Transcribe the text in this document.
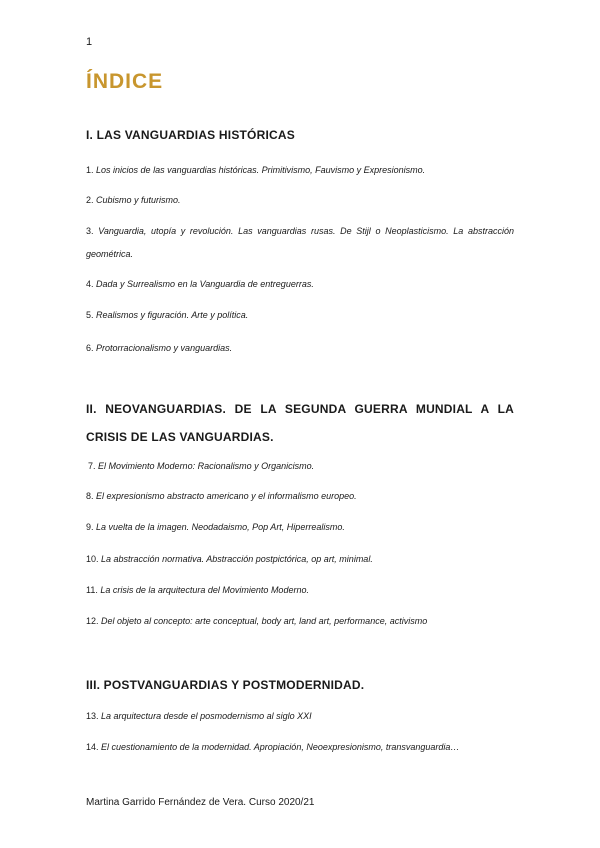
1
ÍNDICE
I. LAS VANGUARDIAS HISTÓRICAS
1. Los inicios de las vanguardias históricas. Primitivismo, Fauvismo y Expresionismo.
2. Cubismo y futurismo.
3. Vanguardia, utopía y revolución. Las vanguardias rusas. De Stijl o Neoplasticismo. La abstracción geométrica.
4. Dada y Surrealismo en la Vanguardia de entreguerras.
5. Realismos y figuración. Arte y política.
6. Protorracionalismo y vanguardias.
II. NEOVANGUARDIAS. DE LA SEGUNDA GUERRA MUNDIAL A LA CRISIS DE LAS VANGUARDIAS.
7. El Movimiento Moderno: Racionalismo y Organicismo.
8. El expresionismo abstracto americano y el informalismo europeo.
9. La vuelta de la imagen. Neodadaismo, Pop Art, Hiperrealismo.
10. La abstracción normativa. Abstracción postpictórica, op art, minimal.
11. La crisis de la arquitectura del Movimiento Moderno.
12. Del objeto al concepto: arte conceptual, body art, land art, performance, activismo
III. POSTVANGUARDIAS Y POSTMODERNIDAD.
13. La arquitectura desde el posmodernismo al siglo XXI
14. El cuestionamiento de la modernidad. Apropiación, Neoexpresionismo, transvanguardia…
Martina Garrido Fernández de Vera. Curso 2020/21
